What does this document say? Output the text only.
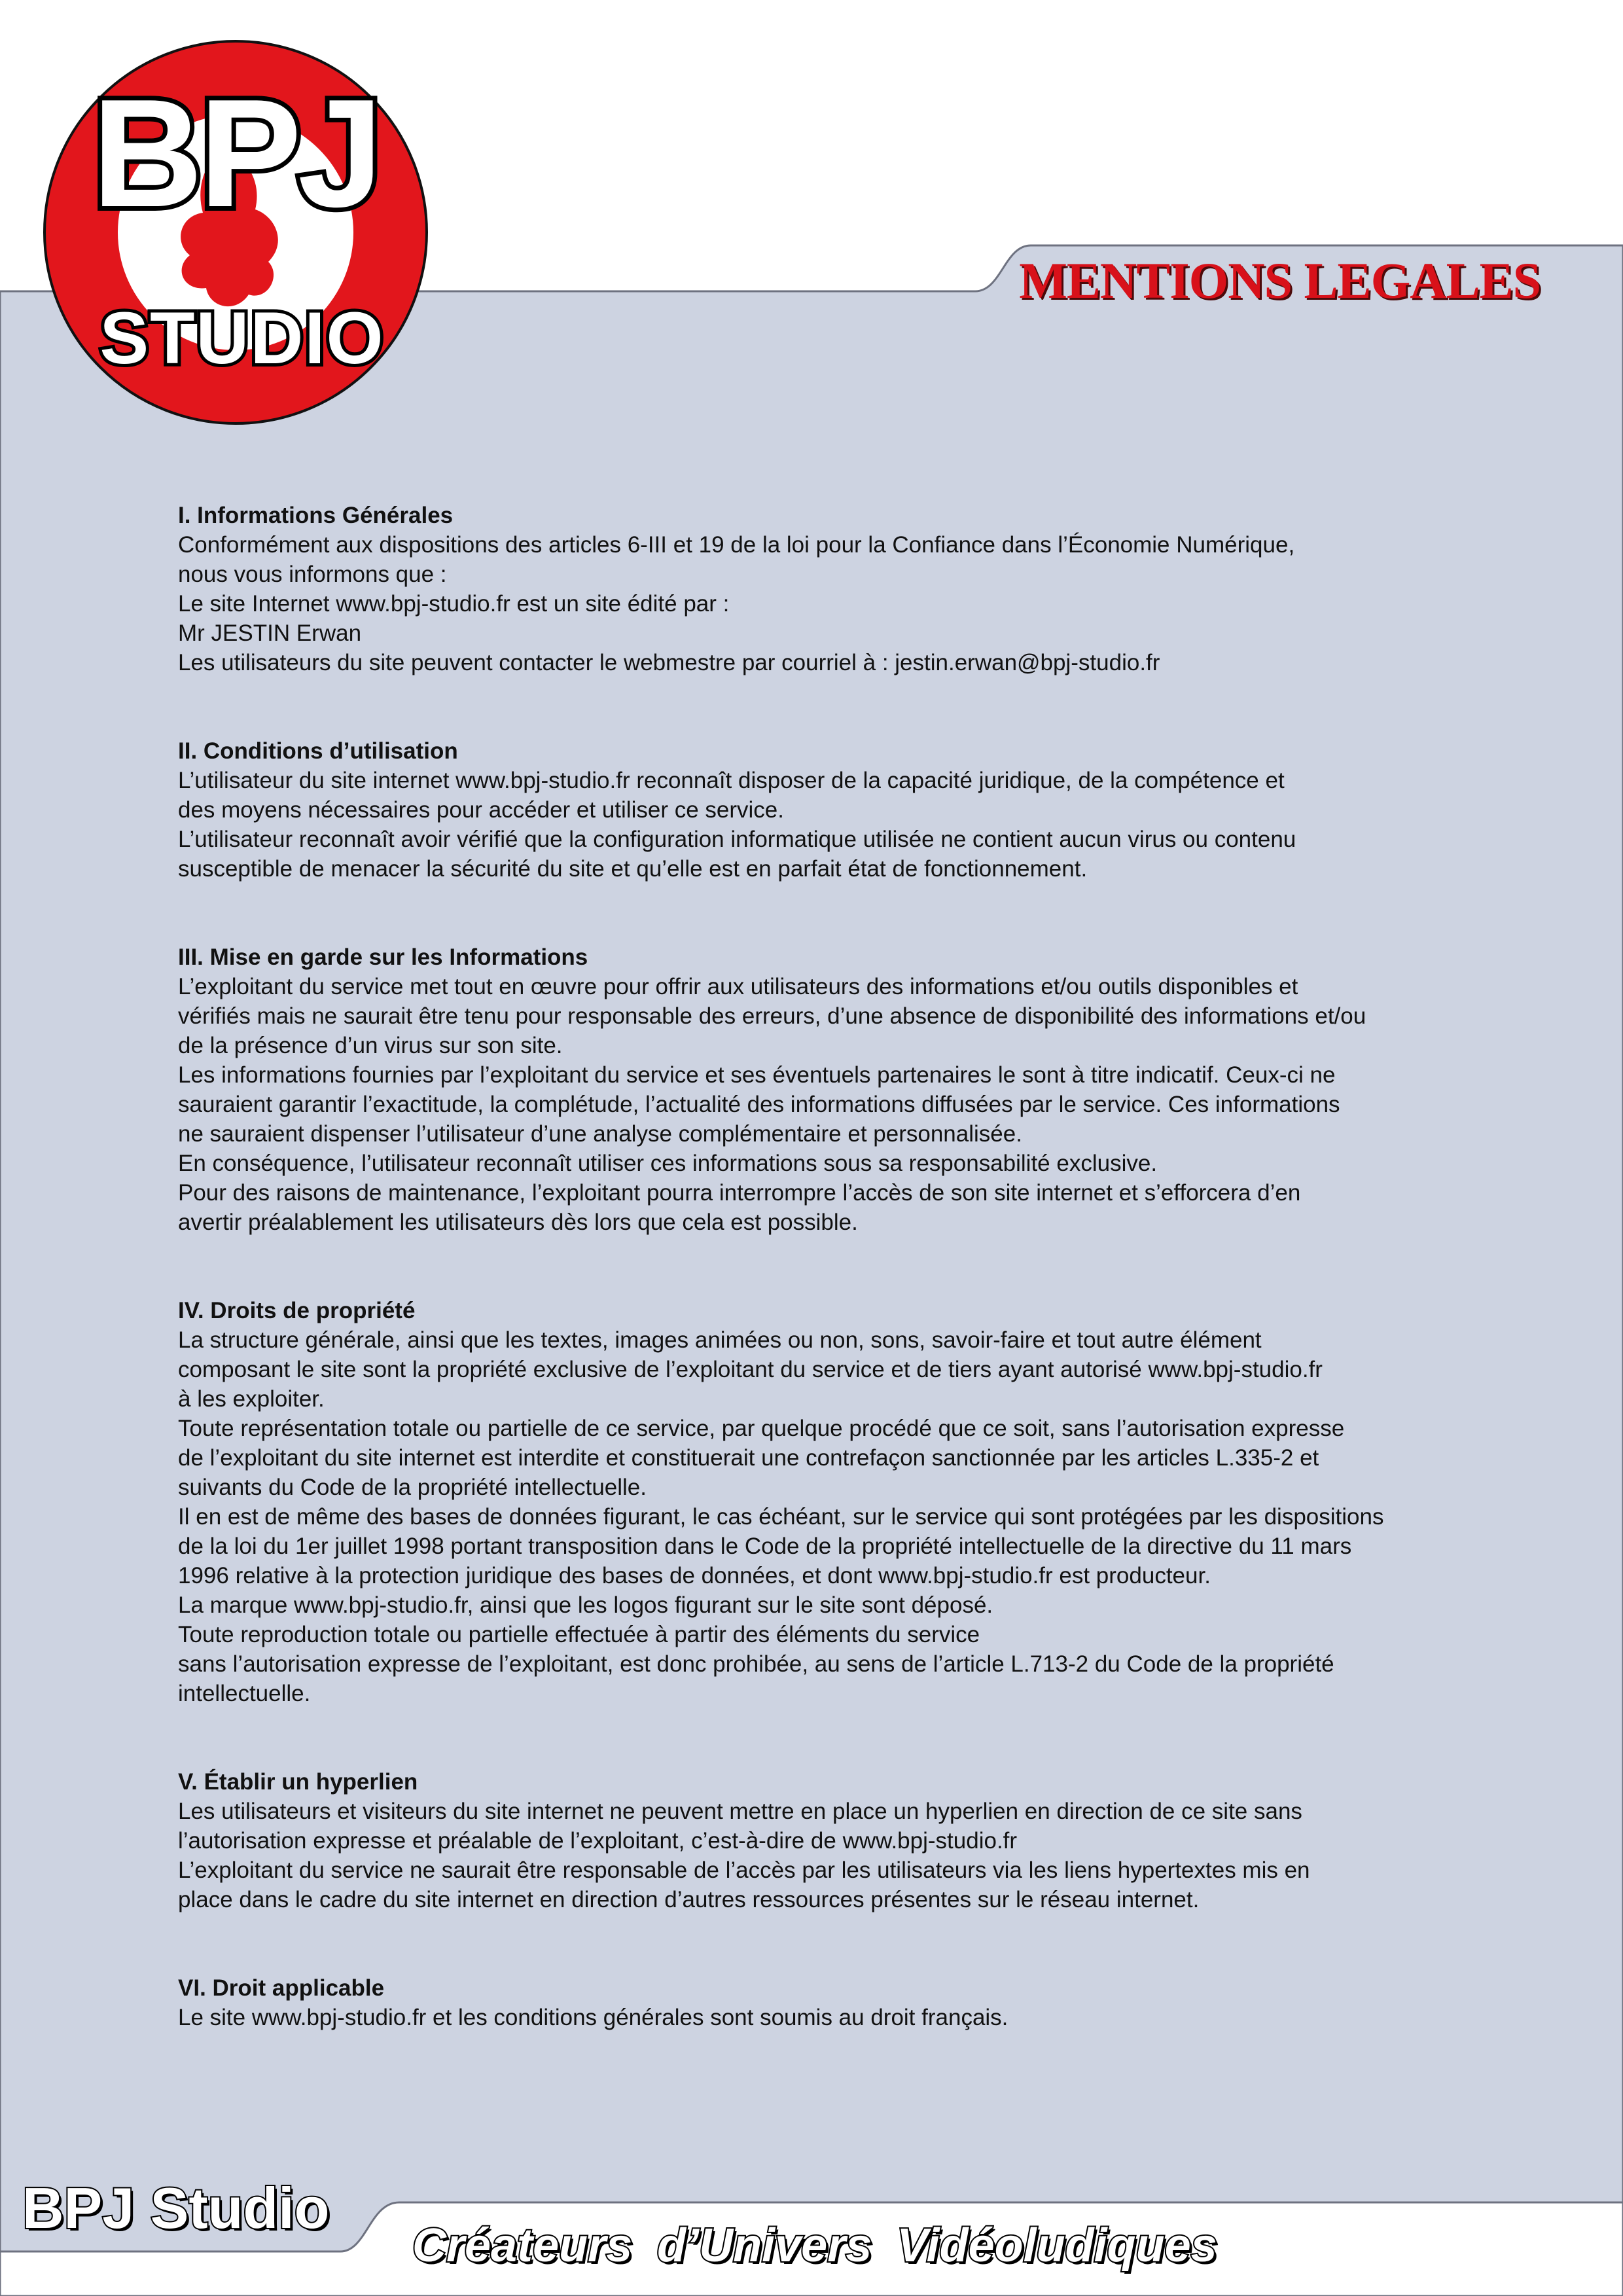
BPJ
STUDIO
MENTIONS LEGALES
I. Informations Générales
Conformément aux dispositions des articles 6-III et 19 de la loi pour la Confiance dans l’Économie Numérique,
nous vous informons que :
Le site Internet www.bpj-studio.fr est un site édité par :
Mr JESTIN Erwan
Les utilisateurs du site peuvent contacter le webmestre par courriel à : jestin.erwan@bpj-studio.fr
II. Conditions d’utilisation
L’utilisateur du site internet www.bpj-studio.fr reconnaît disposer de la capacité juridique, de la compétence et
des moyens nécessaires pour accéder et utiliser ce service.
L’utilisateur reconnaît avoir vérifié que la configuration informatique utilisée ne contient aucun virus ou contenu
susceptible de menacer la sécurité du site et qu’elle est en parfait état de fonctionnement.
III. Mise en garde sur les Informations
L’exploitant du service met tout en œuvre pour offrir aux utilisateurs des informations et/ou outils disponibles et
vérifiés mais ne saurait être tenu pour responsable des erreurs, d’une absence de disponibilité des informations et/ou
de la présence d’un virus sur son site.
Les informations fournies par l’exploitant du service et ses éventuels partenaires le sont à titre indicatif. Ceux-ci ne
sauraient garantir l’exactitude, la complétude, l’actualité des informations diffusées par le service. Ces informations
ne sauraient dispenser l’utilisateur d’une analyse complémentaire et personnalisée.
En conséquence, l’utilisateur reconnaît utiliser ces informations sous sa responsabilité exclusive.
Pour des raisons de maintenance, l’exploitant pourra interrompre l’accès de son site internet et s’efforcera d’en
avertir préalablement les utilisateurs dès lors que cela est possible.
IV. Droits de propriété
La structure générale, ainsi que les textes, images animées ou non, sons, savoir-faire et tout autre élément
composant le site sont la propriété exclusive de l’exploitant du service et de tiers ayant autorisé www.bpj-studio.fr
à les exploiter.
Toute représentation totale ou partielle de ce service, par quelque procédé que ce soit, sans l’autorisation expresse
de l’exploitant du site internet est interdite et constituerait une contrefaçon sanctionnée par les articles L.335-2 et
suivants du Code de la propriété intellectuelle.
Il en est de même des bases de données figurant, le cas échéant, sur le service qui sont protégées par les dispositions
de la loi du 1er juillet 1998 portant transposition dans le Code de la propriété intellectuelle de la directive du 11 mars
1996 relative à la protection juridique des bases de données, et dont www.bpj-studio.fr est producteur.
La marque www.bpj-studio.fr, ainsi que les logos figurant sur le site sont déposé.
Toute reproduction totale ou partielle effectuée à partir des éléments du service
sans l’autorisation expresse de l’exploitant, est donc prohibée, au sens de l’article L.713-2 du Code de la propriété
intellectuelle.
V. Établir un hyperlien
Les utilisateurs et visiteurs du site internet ne peuvent mettre en place un hyperlien en direction de ce site sans
l’autorisation expresse et préalable de l’exploitant, c’est-à-dire de www.bpj-studio.fr
L’exploitant du service ne saurait être responsable de l’accès par les utilisateurs via les liens hypertextes mis en
place dans le cadre du site internet en direction d’autres ressources présentes sur le réseau internet.
VI. Droit applicable
Le site www.bpj-studio.fr et les conditions générales sont soumis au droit français.
BPJ Studio
Créateurs d’Univers Vidéoludiques
